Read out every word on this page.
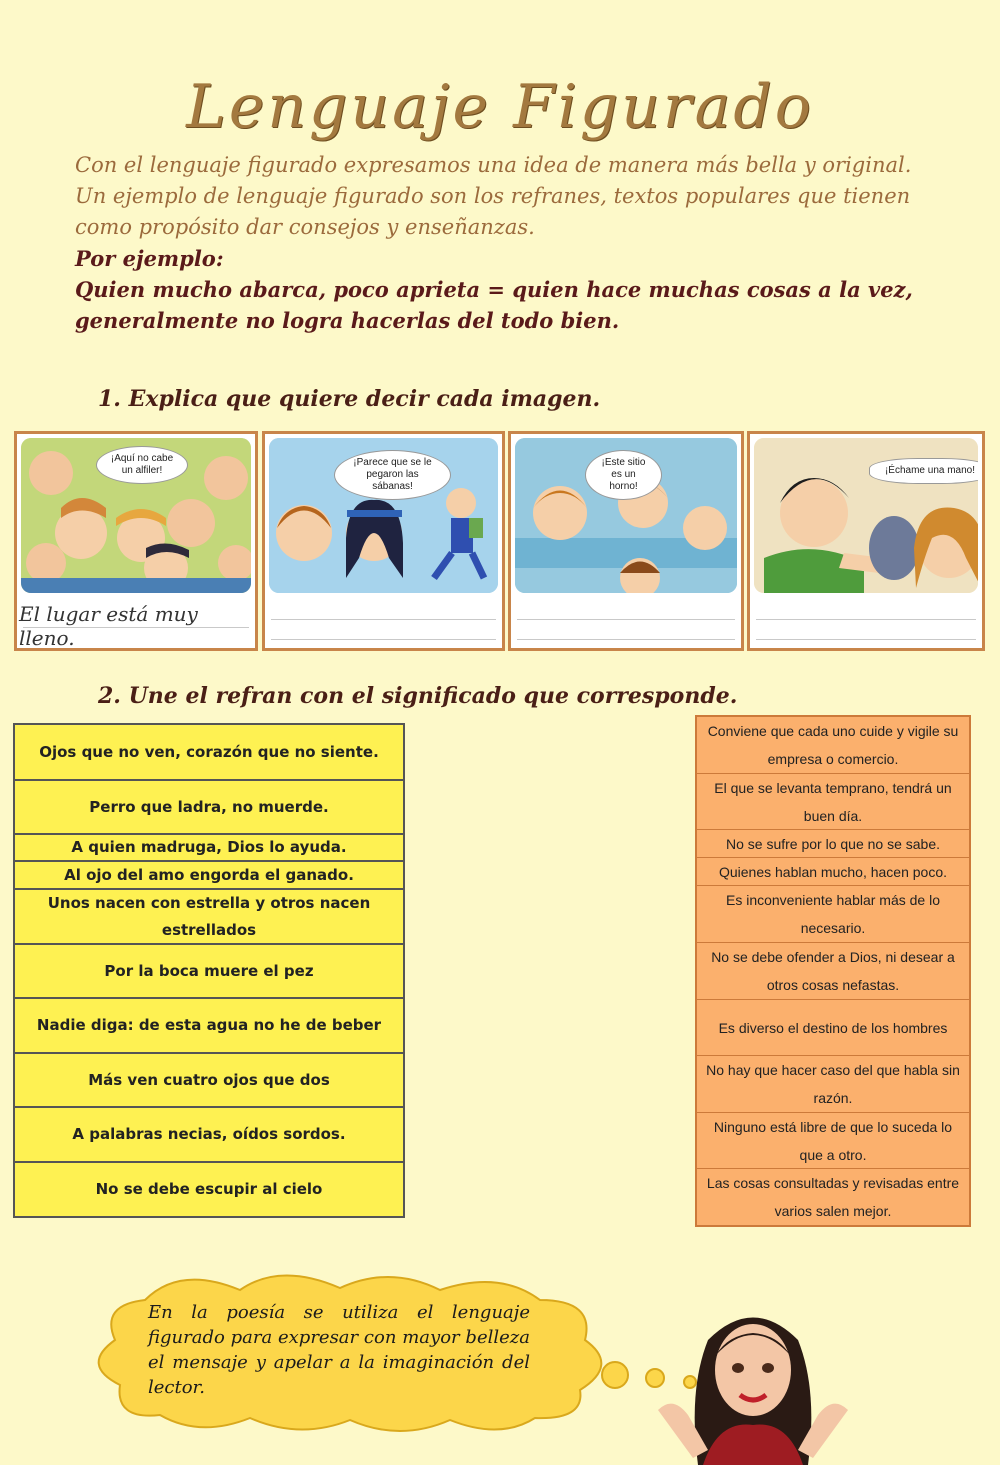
Lenguaje Figurado

Con el lenguaje figurado expresamos una idea de manera más bella y original.

Un ejemplo de lenguaje figurado son los refranes, textos populares que tienen como propósito dar consejos y enseñanzas.

Por ejemplo:

Quien mucho abarca, poco aprieta = quien hace muchas cosas a la vez, generalmente no logra hacerlas del todo bien.

1. Explica que quiere decir cada imagen.
¡Aquí no cabe un alfiler!
El lugar está muy lleno.
¡Parece que se le pegaron las sábanas!
¡Este sitio es un horno!
¡Échame una mano!
2. Une el refran con el significado que corresponde.
Ojos que no ven, corazón que no siente.
Perro que ladra, no muerde.
A quien madruga, Dios lo ayuda.
Al ojo del amo engorda el ganado.
Unos nacen con estrella y otros nacen estrellados
Por la boca muere el pez
Nadie diga: de esta agua no he de beber
Más ven cuatro ojos que dos
A palabras necias, oídos sordos.
No se debe escupir al cielo
Conviene que cada uno cuide y vigile su empresa o comercio.
El que se levanta temprano, tendrá un buen día.
No se sufre por lo que no se sabe.
Quienes hablan mucho, hacen poco.
Es inconveniente hablar más de lo necesario.
No se debe ofender a Dios, ni desear a otros cosas nefastas.
Es diverso el destino de los hombres
No hay que hacer caso del que habla sin razón.
Ninguno está libre de que lo suceda lo que a otro.
Las cosas consultadas y revisadas entre varios salen mejor.
En la poesía se utiliza el lenguaje figurado para expresar con mayor belleza el mensaje y apelar a la imaginación del lector.
